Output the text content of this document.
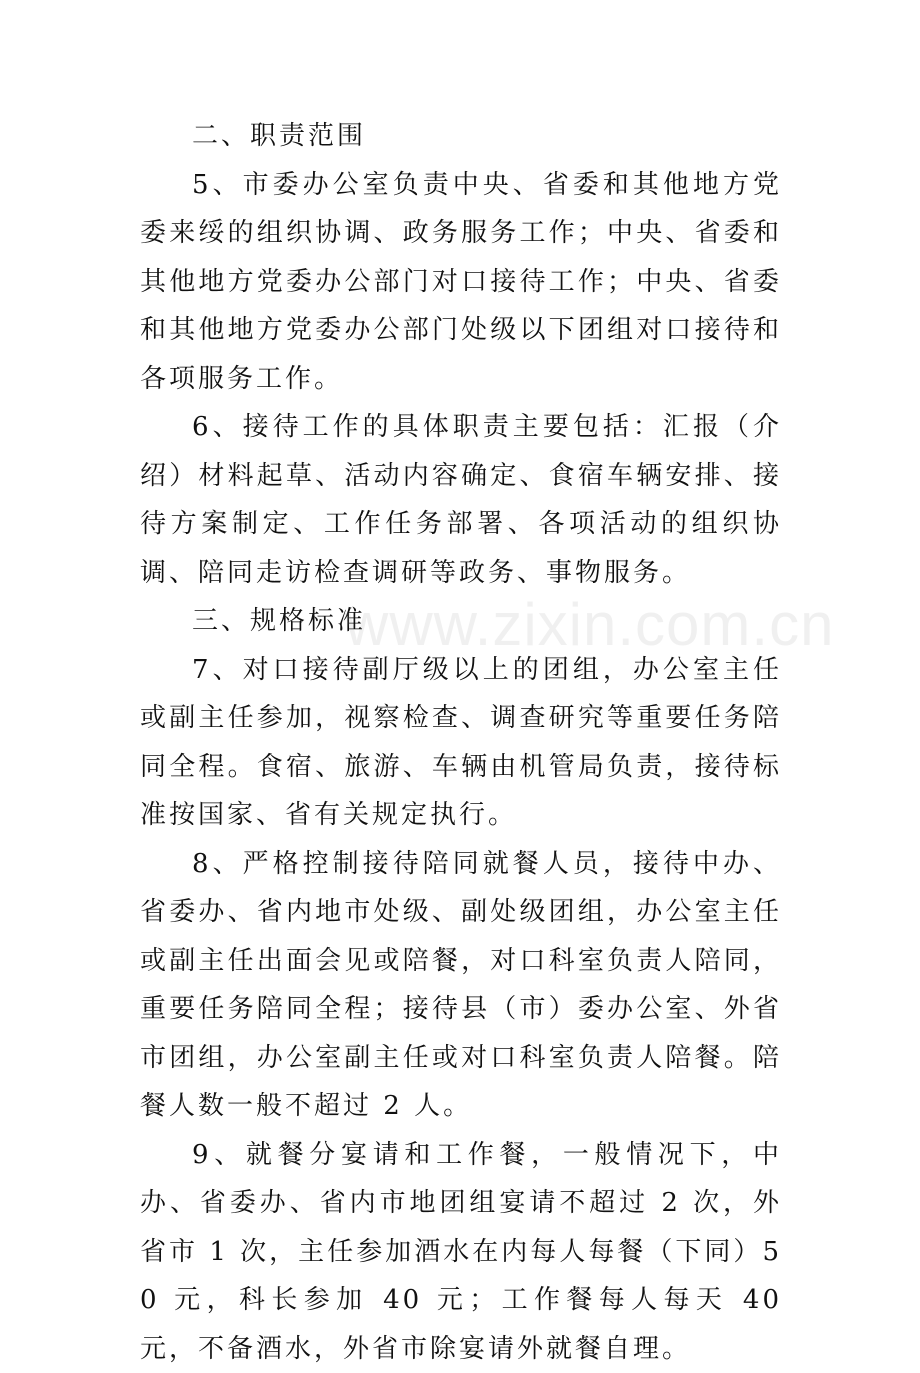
二、职责范围

5、市委办公室负责中央、省委和其他地方党委来绥的组织协调、政务服务工作；中央、省委和其他地方党委办公部门对口接待工作；中央、省委和其他地方党委办公部门处级以下团组对口接待和各项服务工作。

6、接待工作的具体职责主要包括：汇报（介绍）材料起草、活动内容确定、食宿车辆安排、接待方案制定、工作任务部署、各项活动的组织协调、陪同走访检查调研等政务、事物服务。

三、规格标准

7、对口接待副厅级以上的团组，办公室主任或副主任参加，视察检查、调查研究等重要任务陪同全程。食宿、旅游、车辆由机管局负责，接待标准按国家、省有关规定执行。

8、严格控制接待陪同就餐人员，接待中办、省委办、省内地市处级、副处级团组，办公室主任或副主任出面会见或陪餐，对口科室负责人陪同，重要任务陪同全程；接待县（市）委办公室、外省市团组，办公室副主任或对口科室负责人陪餐。陪餐人数一般不超过 2 人。

9、就餐分宴请和工作餐，一般情况下，中办、省委办、省内市地团组宴请不超过 2 次，外省市 1 次，主任参加酒水在内每人每餐（下同）50 元，科长参加 40 元；工作餐每人每天 40 元，不备酒水，外省市除宴请外就餐自理。

www.zixin.com.cn
